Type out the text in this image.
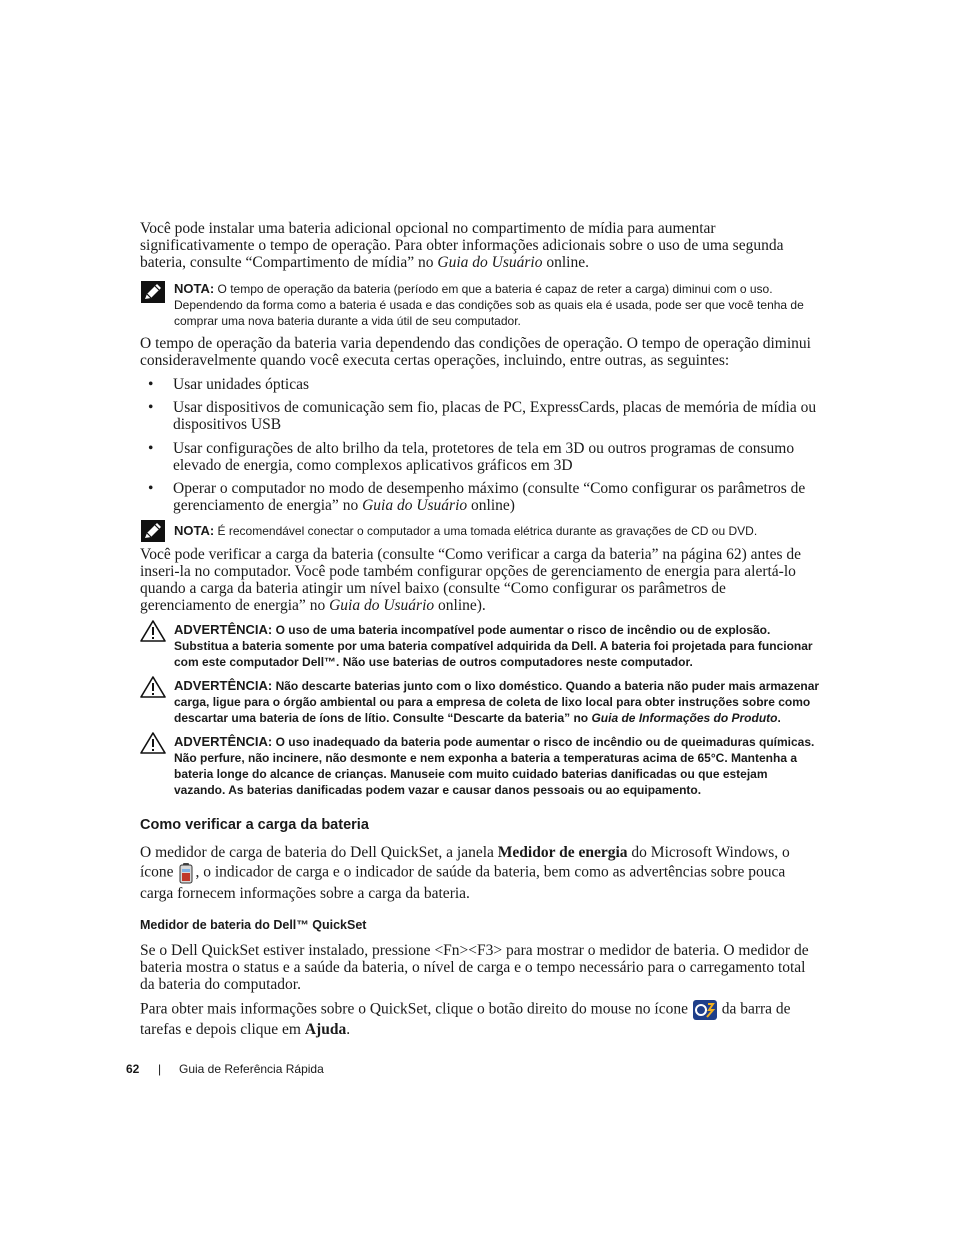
Você pode instalar uma bateria adicional opcional no compartimento de mídia para aumentar significativamente o tempo de operação. Para obter informações adicionais sobre o uso de uma segunda bateria, consulte “Compartimento de mídia” no Guia do Usuário online.

NOTA: O tempo de operação da bateria (período em que a bateria é capaz de reter a carga) diminui com o uso. Dependendo da forma como a bateria é usada e das condições sob as quais ela é usada, pode ser que você tenha de comprar uma nova bateria durante a vida útil de seu computador.

O tempo de operação da bateria varia dependendo das condições de operação. O tempo de operação diminui consideravelmente quando você executa certas operações, incluindo, entre outras, as seguintes:

• Usar unidades ópticas
• Usar dispositivos de comunicação sem fio, placas de PC, ExpressCards, placas de memória de mídia ou dispositivos USB
• Usar configurações de alto brilho da tela, protetores de tela em 3D ou outros programas de consumo elevado de energia, como complexos aplicativos gráficos em 3D
• Operar o computador no modo de desempenho máximo (consulte “Como configurar os parâmetros de gerenciamento de energia” no Guia do Usuário online)
NOTA: É recomendável conectar o computador a uma tomada elétrica durante as gravações de CD ou DVD.

Você pode verificar a carga da bateria (consulte “Como verificar a carga da bateria” na página 62) antes de inseri-la no computador. Você pode também configurar opções de gerenciamento de energia para alertá-lo quando a carga da bateria atingir um nível baixo (consulte “Como configurar os parâmetros de gerenciamento de energia” no Guia do Usuário online).

ADVERTÊNCIA: O uso de uma bateria incompatível pode aumentar o risco de incêndio ou de explosão. Substitua a bateria somente por uma bateria compatível adquirida da Dell. A bateria foi projetada para funcionar com este computador Dell™. Não use baterias de outros computadores neste computador.
ADVERTÊNCIA: Não descarte baterias junto com o lixo doméstico. Quando a bateria não puder mais armazenar carga, ligue para o órgão ambiental ou para a empresa de coleta de lixo local para obter instruções sobre como descartar uma bateria de íons de lítio. Consulte “Descarte da bateria” no Guia de Informações do Produto.
ADVERTÊNCIA: O uso inadequado da bateria pode aumentar o risco de incêndio ou de queimaduras químicas. Não perfure, não incinere, não desmonte e nem exponha a bateria a temperaturas acima de 65°C. Mantenha a bateria longe do alcance de crianças. Manuseie com muito cuidado baterias danificadas ou que estejam vazando. As baterias danificadas podem vazar e causar danos pessoais ou ao equipamento.
Como verificar a carga da bateria

O medidor de carga de bateria do Dell QuickSet, a janela Medidor de energia do Microsoft Windows, o ícone , o indicador de carga e o indicador de saúde da bateria, bem como as advertências sobre pouca carga fornecem informações sobre a carga da bateria.

Medidor de bateria do Dell™ QuickSet

Se o Dell QuickSet estiver instalado, pressione <Fn><F3> para mostrar o medidor de bateria. O medidor de bateria mostra o status e a saúde da bateria, o nível de carga e o tempo necessário para o carregamento total da bateria do computador.

Para obter mais informações sobre o QuickSet, clique o botão direito do mouse no ícone  da barra de tarefas e depois clique em Ajuda.

62 | Guia de Referência Rápida
